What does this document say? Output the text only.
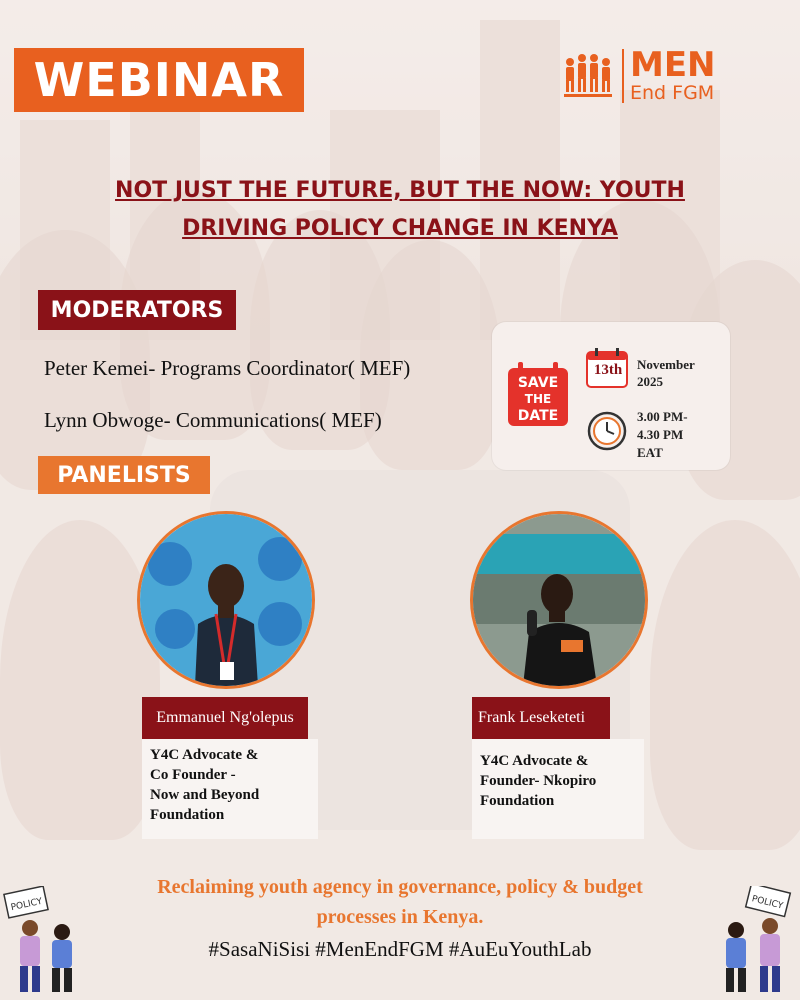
WEBINAR	MEN
End FGM
NOT JUST THE FUTURE, BUT THE NOW: YOUTH
DRIVING POLICY CHANGE IN KENYA
MODERATORS
Peter Kemei- Programs Coordinator( MEF)
Lynn Obwoge- Communications( MEF)
SAVE
THE
DATE
13th	November
2025
3.00 PM-
4.30 PM
EAT
PANELISTS
Emmanuel Ng'olepus
Y4C Advocate &
Co Founder -
Now and Beyond
Foundation
Frank Leseketeti
Y4C Advocate &
Founder- Nkopiro
Foundation
Reclaiming youth agency in governance, policy & budget
processes in Kenya.
#SasaNiSisi #MenEndFGM #AuEuYouthLab
POLICY	POLICY
